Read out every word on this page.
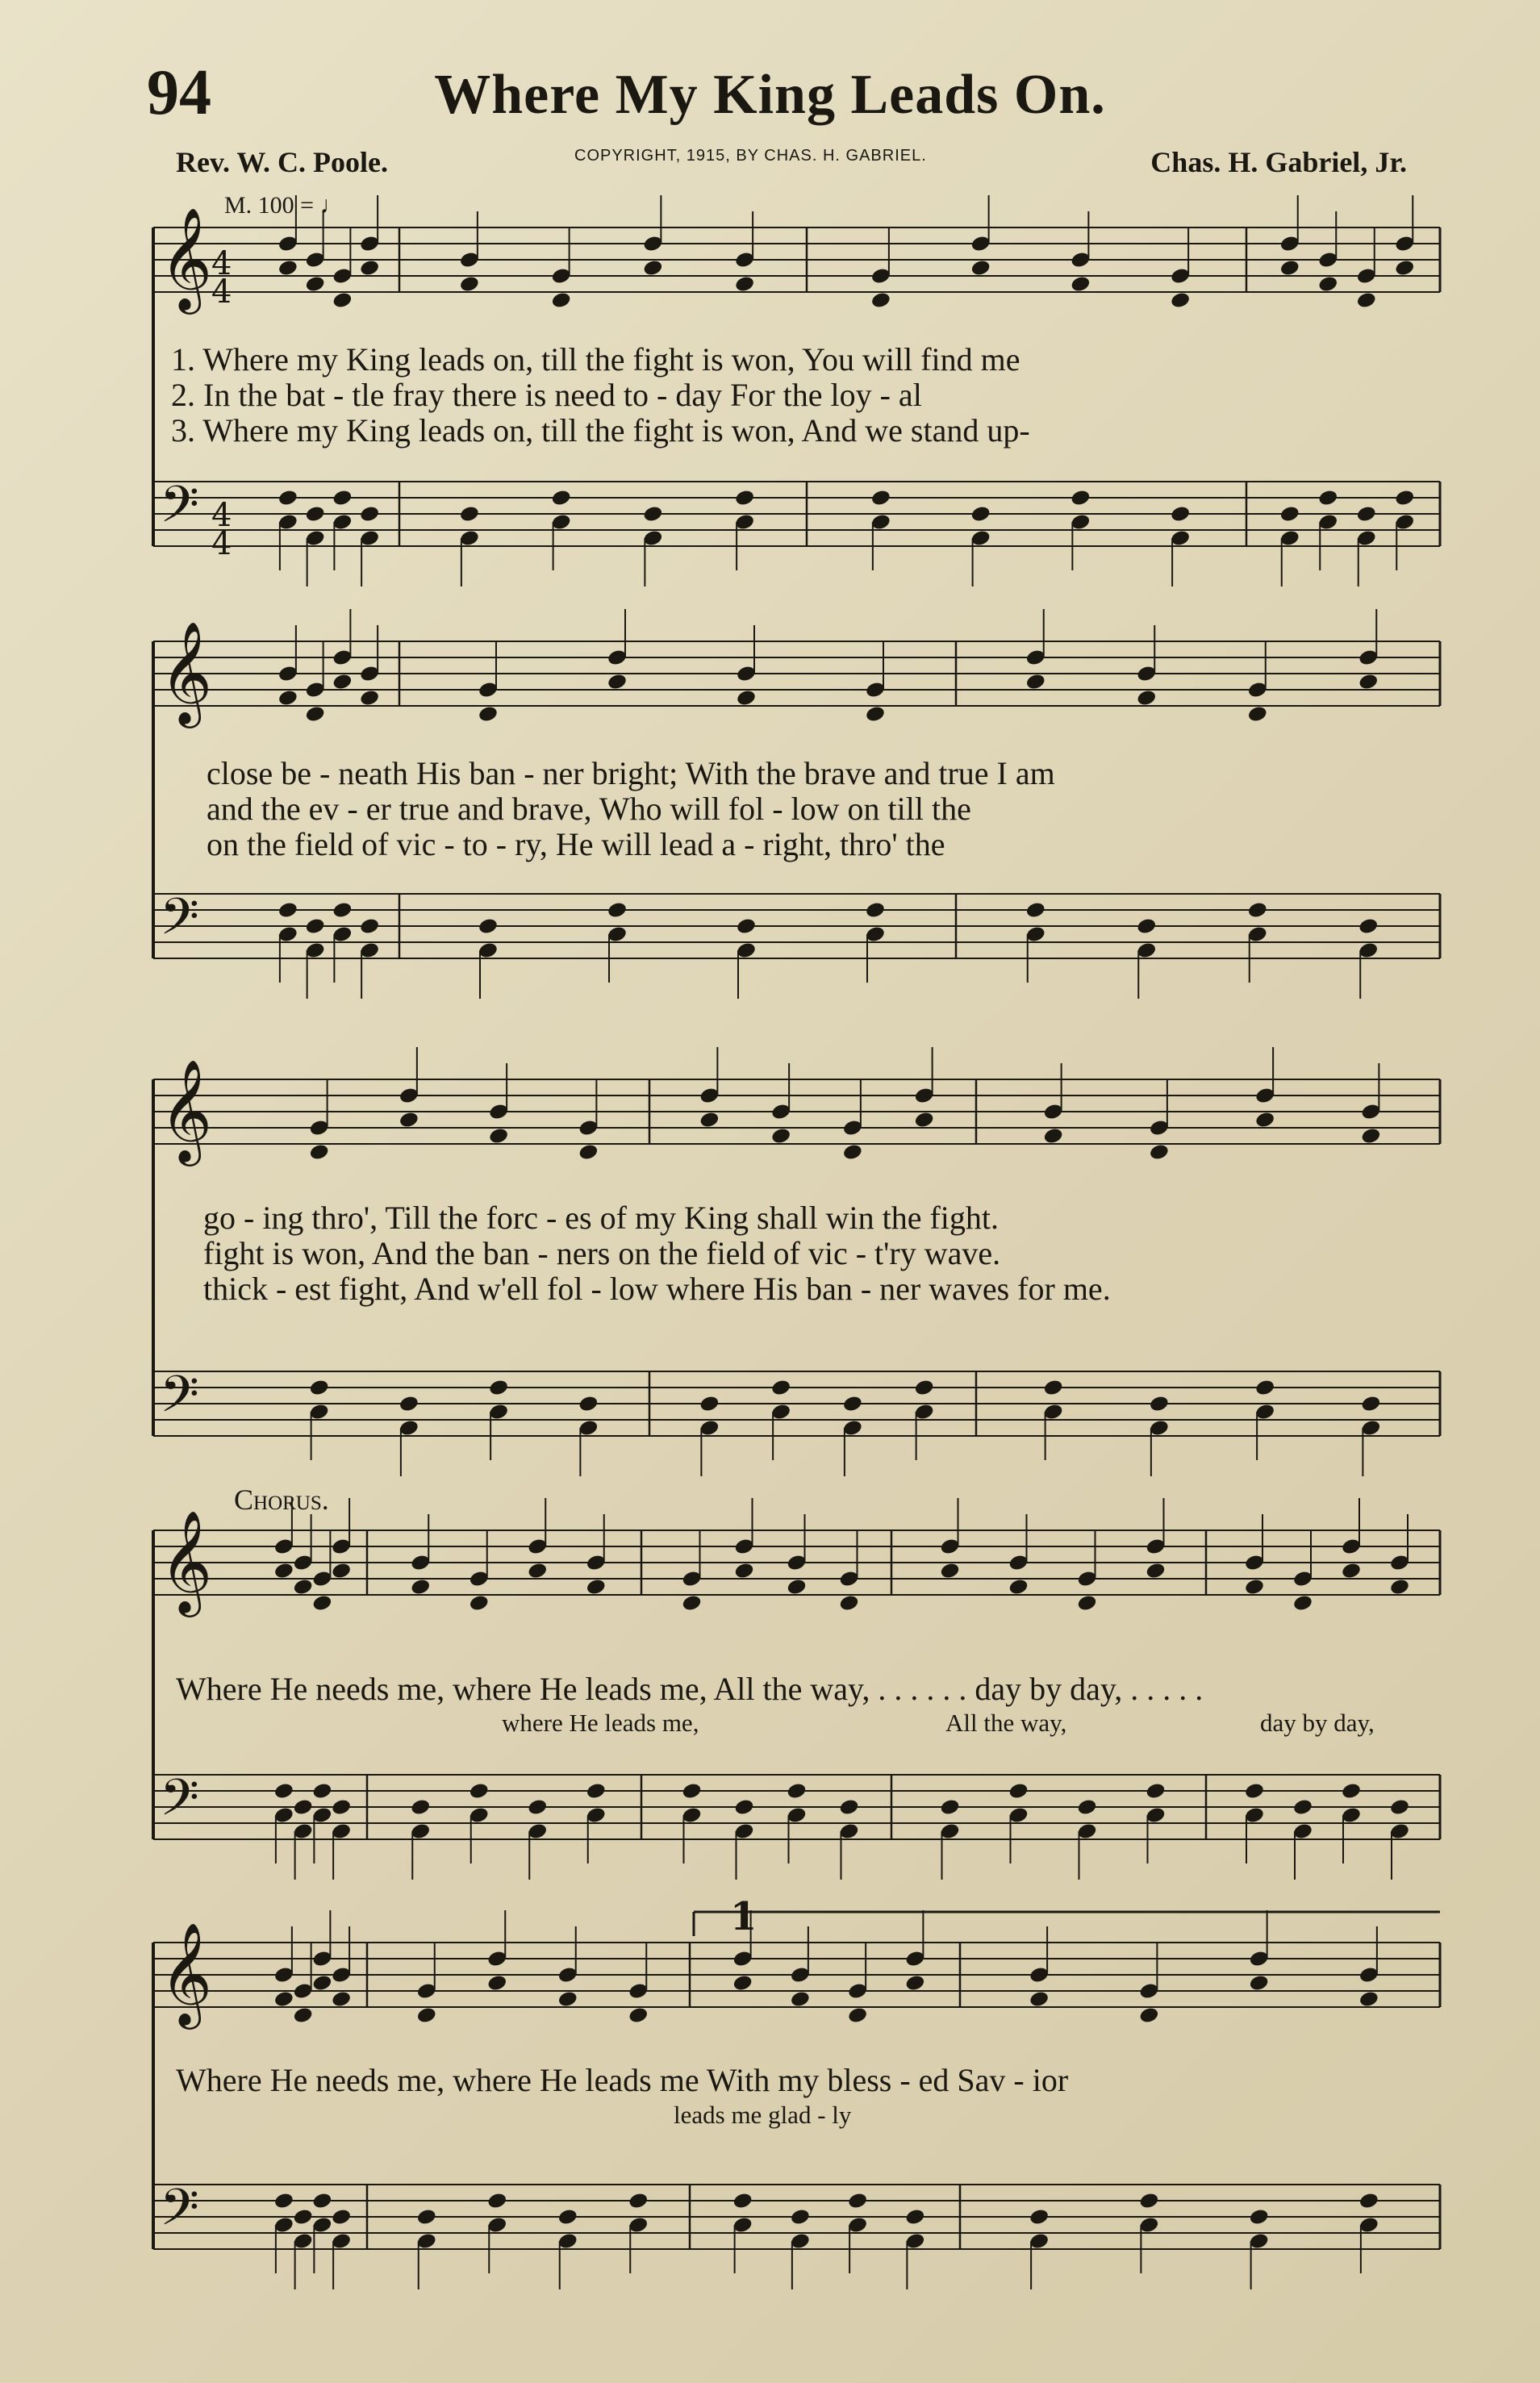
𝄞
𝄢
𝄞
𝄢
𝄞
𝄢
𝄞
𝄢
𝄞
𝄢
4
4
4
4
94	Where My King Leads On.
Rev. W. C. Poole.	COPYRIGHT, 1915, BY CHAS. H. GABRIEL.	Chas. H. Gabriel, Jr.
M. 100 = ♩
1. Where my King leads on, till the fight is won, You will find me
2. In the bat - tle fray there is need to - day For the loy - al
3. Where my King leads on, till the fight is won, And we stand up-
close be - neath His ban - ner bright; With the brave and true I am
and the ev - er true and brave, Who will fol - low on till the
on the field of vic - to - ry, He will lead a - right, thro' the
go - ing thro', Till the forc - es of my King shall win the fight.
fight is won, And the ban - ners on the field of vic - t'ry wave.
thick - est fight, And w'ell fol - low where His ban - ner waves for me.
Chorus.
Where He needs me, where He leads me, All the way, . . . . . . day by day, . . . . .
where He leads me,	All the way,	day by day,
1
Where He needs me, where He leads me With my bless - ed Sav - ior
leads me glad - ly
